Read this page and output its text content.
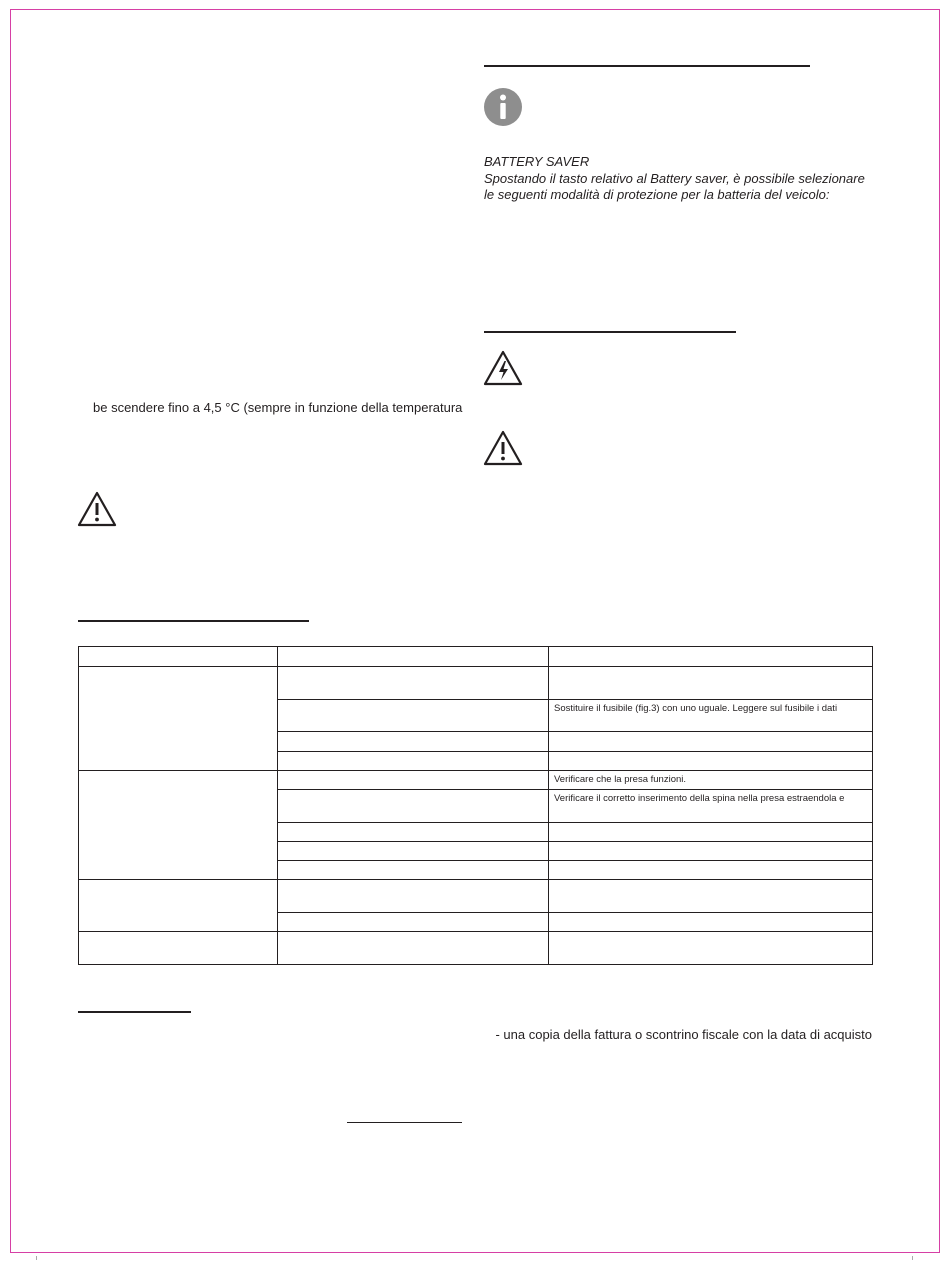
BATTERY SAVER
Spostando il tasto relativo al Battery saver, è possibile selezionare
le seguenti modalità di protezione per la batteria del veicolo:
be scendere fino a 4,5 °C (sempre in funzione della temperatura

		Sostituire il fusibile (fig.3) con uno uguale. Leggere sul fusibile i dati

		Verificare che la presa funzioni.
		Verificare il corretto inserimento della spina nella presa estraendola e

- una copia della fattura o scontrino fiscale con la data di acquisto
